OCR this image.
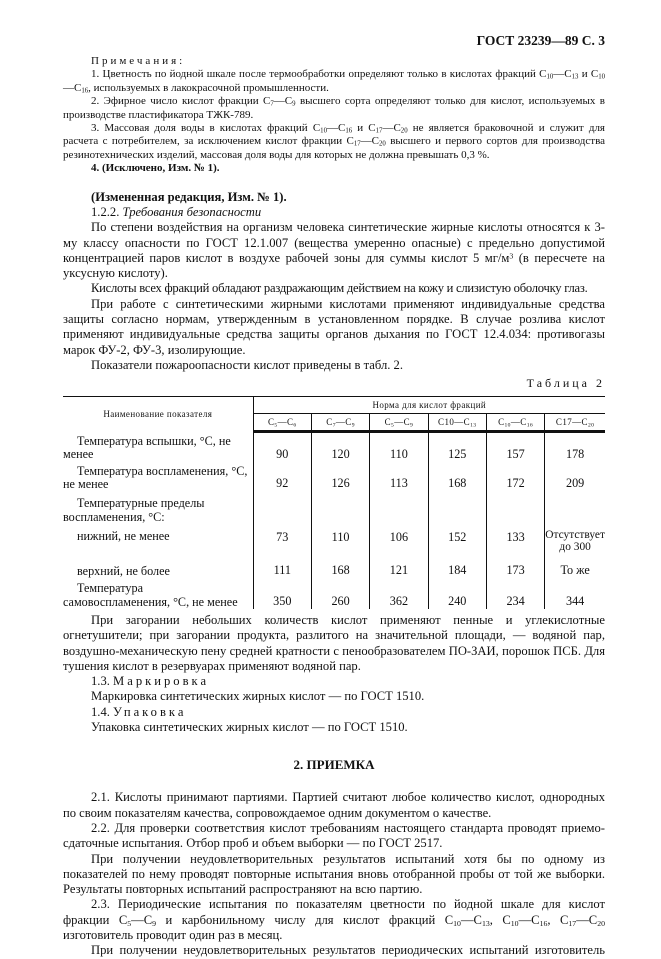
ГОСТ 23239—89 С. 3

Примечания:

1. Цветность по йодной шкале после термообработки определяют только в кислотах фракций $С_{10}—С_{13}$ и $С_{10}—С_{16}$, используемых в лакокрасочной промышленности.

2. Эфирное число кислот фракции $С_7—С_9$ высшего сорта определяют только для кислот, используемых в производстве пластификатора ТЖК-789.

3. Массовая доля воды в кислотах фракций $С_{10}—С_{16}$ и $С_{17}—С_{20}$ не является браковочной и служит для расчета с потребителем, за исключением кислот фракции $С_{17}—С_{20}$ высшего и первого сортов для производства резинотехнических изделий, массовая доля воды для которых не должна превышать 0,3 %.

4. (Исключено, Изм. № 1).

(Измененная редакция, Изм. № 1).

1.2.2. Требования безопасности

По степени воздействия на организм человека синтетические жирные кислоты относятся к 3-му классу опасности по ГОСТ 12.1.007 (вещества умеренно опасные) с предельно допустимой концентрацией паров кислот в воздухе рабочей зоны для суммы кислот 5 $мг/м^3$ (в пересчете на уксусную кислоту).

Кислоты всех фракций обладают раздражающим действием на кожу и слизистую оболочку глаз.

При работе с синтетическими жирными кислотами применяют индивидуальные средства защиты согласно нормам, утвержденным в установленном порядке. В случае розлива кислот применяют индивидуальные средства защиты органов дыхания по ГОСТ 12.4.034: противогазы марок ФУ-2, ФУ-3, изолирующие.

Показатели пожароопасности кислот приведены в табл. 2.

Таблица 2
Наименование показателя	Норма для кислот фракций					
	$С_5—С_6$	$С_7—С_9$	$С_5—С_9$	$С10—С_{13}$	$С_{10}—С_{16}$	$С17—С_{20}$

Температура вспышки, °С, не менее	90	120	110	125	157	178

Температура воспламенения, °С, не менее	92	126	113	168	172	209

Температурные пределы воспламенения, °С:						

нижний, не менее	73	110	106	152	133	Отсутствует до 300

верхний, не более	111	168	121	184	173	То же

Температура самовоспламенения, °С, не менее	350	260	362	240	234	344

При загорании небольших количеств кислот применяют пенные и углекислотные огнетушители; при загорании продукта, разлитого на значительной площади, — водяной пар, воздушно-механическую пену средней кратности с пенообразователем ПО-ЗАИ, порошок ПСБ. Для тушения кислот в резервуарах применяют водяной пар.

1.3. Маркировка

Маркировка синтетических жирных кислот — по ГОСТ 1510.

1.4. Упаковка

Упаковка синтетических жирных кислот — по ГОСТ 1510.

2. ПРИЕМКА

2.1. Кислоты принимают партиями. Партией считают любое количество кислот, однородных по своим показателям качества, сопровождаемое одним документом о качестве.

2.2. Для проверки соответствия кислот требованиям настоящего стандарта проводят приемо-сдаточные испытания. Отбор проб и объем выборки — по ГОСТ 2517.

При получении неудовлетворительных результатов испытаний хотя бы по одному из показателей по нему проводят повторные испытания вновь отобранной пробы от той же выборки. Результаты повторных испытаний распространяют на всю партию.

2.3. Периодические испытания по показателям цветности по йодной шкале для кислот фракции $С_5—С_9$ и карбонильному числу для кислот фракций $С_{10}—С_{13}$, $С_{10}—С_{16}$, $С_{17}—С_{20}$ изготовитель проводит один раз в месяц.

При получении неудовлетворительных результатов периодических испытаний изготовитель
